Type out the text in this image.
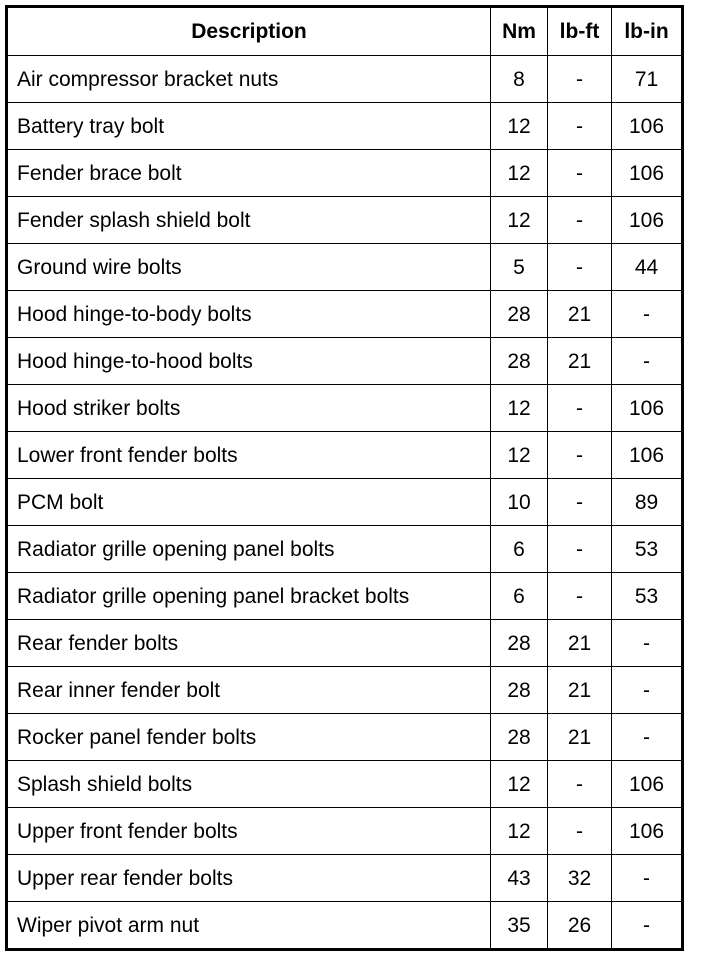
Description	Nm	lb-ft	lb-in
Air compressor bracket nuts	8	-	71
Battery tray bolt	12	-	106
Fender brace bolt	12	-	106
Fender splash shield bolt	12	-	106
Ground wire bolts	5	-	44
Hood hinge-to-body bolts	28	21	-
Hood hinge-to-hood bolts	28	21	-
Hood striker bolts	12	-	106
Lower front fender bolts	12	-	106
PCM bolt	10	-	89
Radiator grille opening panel bolts	6	-	53
Radiator grille opening panel bracket bolts	6	-	53
Rear fender bolts	28	21	-
Rear inner fender bolt	28	21	-
Rocker panel fender bolts	28	21	-
Splash shield bolts	12	-	106
Upper front fender bolts	12	-	106
Upper rear fender bolts	43	32	-
Wiper pivot arm nut	35	26	-
